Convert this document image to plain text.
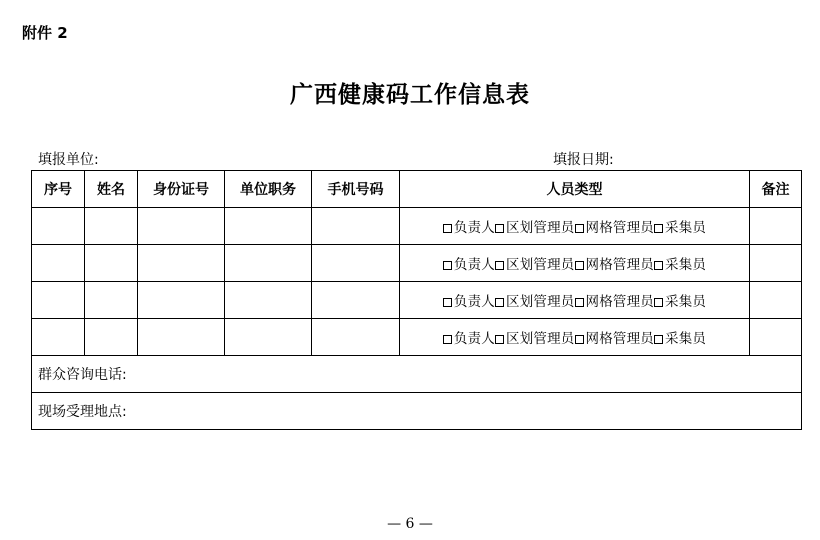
附件 2
广西健康码工作信息表
填报单位:	填报日期:
序号	姓名	身份证号	单位职务	手机号码	人员类型	备注
					负责人 区划管理员 网格管理员 采集员	
					负责人 区划管理员 网格管理员 采集员	
					负责人 区划管理员 网格管理员 采集员	
					负责人 区划管理员 网格管理员 采集员	
群众咨询电话:						
现场受理地点:						
— 6 —
